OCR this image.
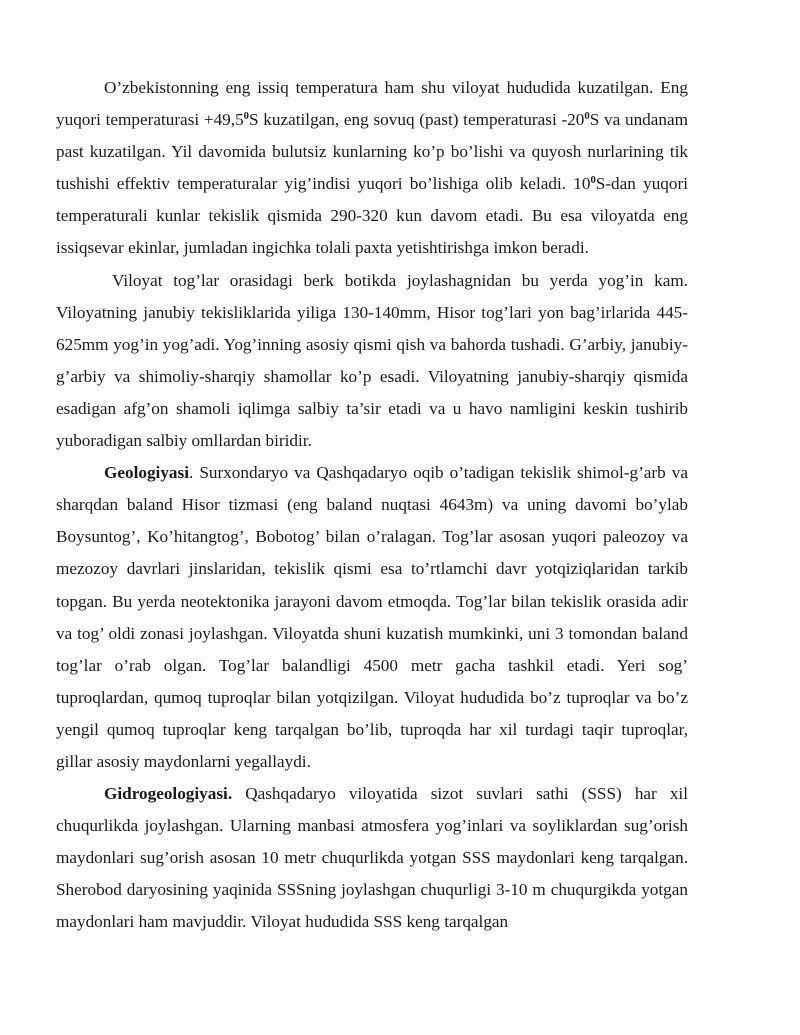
O’zbekistonning eng issiq temperatura ham shu viloyat hududida kuzatilgan. Eng yuqori temperaturasi $+49,5^0S$ kuzatilgan, eng sovuq (past) temperaturasi $-20^0S$ va undanam past kuzatilgan. Yil davomida bulutsiz kunlarning ko’p bo’lishi va quyosh nurlarining tik tushishi effektiv temperaturalar yig’indisi yuqori bo’lishiga olib keladi. $10^0S$-dan yuqori temperaturali kunlar tekislik qismida 290-320 kun davom etadi. Bu esa viloyatda eng issiqsevar ekinlar, jumladan ingichka tolali paxta yetishtirishga imkon beradi.

Viloyat tog’lar orasidagi berk botikda joylashagnidan bu yerda yog’in kam. Viloyatning janubiy tekisliklarida yiliga 130-140mm, Hisor tog’lari yon bag’irlarida 445-625mm yog’in yog’adi. Yog’inning asosiy qismi qish va bahorda tushadi. G’arbiy, janubiy-g’arbiy va shimoliy-sharqiy shamollar ko’p esadi. Viloyatning janubiy-sharqiy qismida esadigan afg’on shamoli iqlimga salbiy ta’sir etadi va u havo namligini keskin tushirib yuboradigan salbiy omllardan biridir.

Geologiyasi. Surxondaryo va Qashqadaryo oqib o’tadigan tekislik shimol-g’arb va sharqdan baland Hisor tizmasi (eng baland nuqtasi 4643m) va uning davomi bo’ylab Boysuntog’, Ko’hitangtog’, Bobotog’ bilan o’ralagan. Tog’lar asosan yuqori paleozoy va mezozoy davrlari jinslaridan, tekislik qismi esa to’rtlamchi davr yotqiziqlaridan tarkib topgan. Bu yerda neotektonika jarayoni davom etmoqda. Tog’lar bilan tekislik orasida adir va tog’ oldi zonasi joylashgan. Viloyatda shuni kuzatish mumkinki, uni 3 tomondan baland tog’lar o’rab olgan. Tog’lar balandligi 4500 metr gacha tashkil etadi. Yeri sog’ tuproqlardan, qumoq tuproqlar bilan yotqizilgan. Viloyat hududida bo’z tuproqlar va bo’z yengil qumoq tuproqlar keng tarqalgan bo’lib, tuproqda har xil turdagi taqir tuproqlar, gillar asosiy maydonlarni yegallaydi.

Gidrogeologiyasi. Qashqadaryo viloyatida sizot suvlari sathi (SSS) har xil chuqurlikda joylashgan. Ularning manbasi atmosfera yog’inlari va soyliklardan sug’orish maydonlari sug’orish asosan 10 metr chuqurlikda yotgan SSS maydonlari keng tarqalgan. Sherobod daryosining yaqinida SSSning joylashgan chuqurligi 3-10 m chuqurgikda yotgan maydonlari ham mavjuddir. Viloyat hududida SSS keng tarqalgan
